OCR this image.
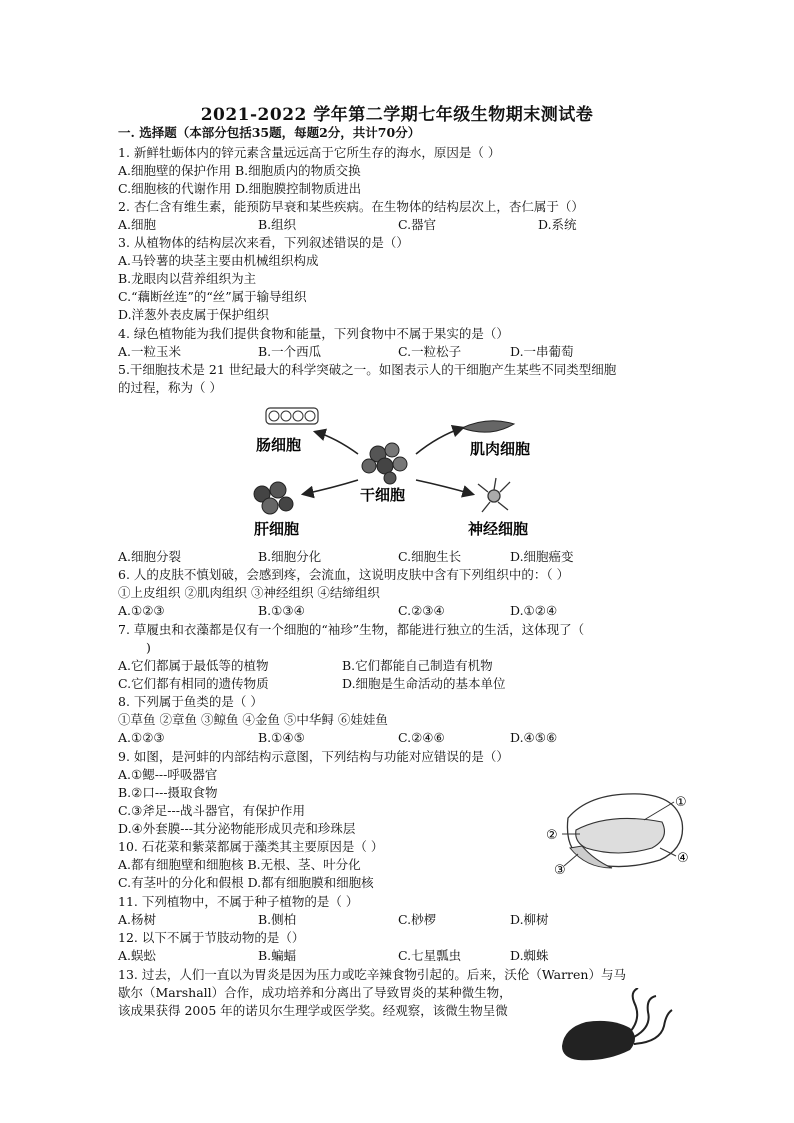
2021-2022 学年第二学期七年级生物期末测试卷
一. 选择题（本部分包括35题，每题2分，共计70分）
1. 新鲜牡蛎体内的锌元素含量远远高于它所生存的海水，原因是（ ）
A.细胞壁的保护作用 B.细胞质内的物质交换
C.细胞核的代谢作用 D.细胞膜控制物质进出
2. 杏仁含有维生素，能预防早衰和某些疾病。在生物体的结构层次上，杏仁属于（）
A.细胞	B.组织	C.器官	D.系统
3. 从植物体的结构层次来看，下列叙述错误的是（）
A.马铃薯的块茎主要由机械组织构成
B.龙眼肉以营养组织为主
C.“藕断丝连”的“丝”属于输导组织
D.洋葱外表皮属于保护组织
4. 绿色植物能为我们提供食物和能量，下列食物中不属于果实的是（）
A.一粒玉米	B.一个西瓜	C.一粒松子	D.一串葡萄
5.干细胞技术是 21 世纪最大的科学突破之一。如图表示人的干细胞产生某些不同类型细胞
的过程，称为（ ）
肠细胞	肌肉细胞
干细胞
肝细胞	神经细胞
A.细胞分裂	B.细胞分化	C.细胞生长	D.细胞癌变
6. 人的皮肤不慎划破，会感到疼，会流血，这说明皮肤中含有下列组织中的：（ ）
①上皮组织 ②肌肉组织 ③神经组织 ④结缔组织
A.①②③	B.①③④	C.②③④	D.①②④
7. 草履虫和衣藻都是仅有一个细胞的“袖珍”生物，都能进行独立的生活，这体现了（
)
A.它们都属于最低等的植物	B.它们都能自己制造有机物
C.它们都有相同的遗传物质	D.细胞是生命活动的基本单位
8. 下列属于鱼类的是（ ）
①草鱼 ②章鱼 ③鲸鱼 ④金鱼 ⑤中华鲟 ⑥娃娃鱼
A.①②③	B.①④⑤	C.②④⑥	D.④⑤⑥
9. 如图，是河蚌的内部结构示意图，下列结构与功能对应错误的是（）
A.①鳃---呼吸器官
B.②口---摄取食物
C.③斧足---战斗器官，有保护作用
D.④外套膜---其分泌物能形成贝壳和珍珠层
①
②
③
④
10. 石花菜和紫菜都属于藻类其主要原因是（ ）
A.都有细胞壁和细胞核 B.无根、茎、叶分化
C.有茎叶的分化和假根 D.都有细胞膜和细胞核
11. 下列植物中，不属于种子植物的是（ ）
A.杨树	B.侧柏	C.桫椤	D.柳树
12. 以下不属于节肢动物的是（）
A.蜈蚣	B.蝙蝠	C.七星瓢虫	D.蜘蛛
13. 过去，人们一直以为胃炎是因为压力或吃辛辣食物引起的。后来，沃伦（Warren）与马
歇尔（Marshall）合作，成功培养和分离出了导致胃炎的某种微生物，
该成果获得 2005 年的诺贝尔生理学或医学奖。经观察，该微生物呈微
